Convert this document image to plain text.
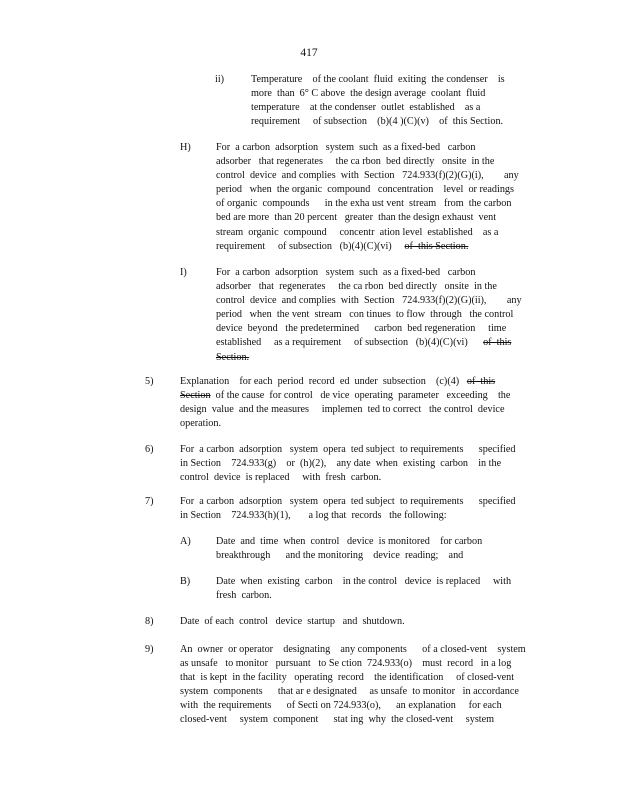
417
ii)	Temperature    of the coolant  fluid  exiting  the condenser    is
more  than  6° C above  the design average  coolant  fluid
temperature    at the condenser  outlet  established    as a
requirement     of subsection    (b)(4 )(C)(v)    of  this Section.
H) For  a carbon  adsorption   system  such  as a fixed-bed   carbon
adsorber   that regenerates     the ca rbon  bed directly   onsite  in the
control  device  and complies  with  Section   724.933(f)(2)(G)(i),        any
period   when  the organic  compound   concentration    level  or readings
of organic  compounds      in the exha ust vent  stream   from  the carbon
bed are more  than 20 percent   greater  than the design exhaust  vent
stream  organic  compound     concentr  ation level  established    as a
requirement     of subsection   (b)(4)(C)(vi)     of  this Section.
I)	For  a carbon  adsorption   system  such  as a fixed-bed   carbon
adsorber   that  regenerates     the ca rbon  bed directly   onsite  in the
control  device  and complies  with  Section   724.933(f)(2)(G)(ii),        any
period   when  the vent  stream   con tinues  to flow  through   the control
device  beyond   the predetermined      carbon  bed regeneration     time
established     as a requirement     of subsection   (b)(4)(C)(vi)      of  this
Section.
5)	Explanation    for each  period  record  ed  under  subsection    (c)(4)   of  this
Section  of the cause  for control   de vice  operating  parameter   exceeding    the
design  value  and the measures     implemen  ted to correct   the control  device
operation.
6)	For  a carbon  adsorption   system  opera  ted subject  to requirements      specified
in Section    724.933(g)    or  (h)(2),    any date  when  existing  carbon    in the
control  device  is replaced     with  fresh  carbon.
7)	For  a carbon  adsorption   system  opera  ted subject  to requirements      specified
in Section    724.933(h)(1),       a log that  records   the following:
A) Date  and  time  when  control   device  is monitored    for carbon
breakthrough      and the monitoring    device  reading;    and
B)	Date  when  existing  carbon    in the control   device  is replaced     with
fresh  carbon.
8)	Date  of each  control   device  startup   and  shutdown.
9)	An  owner  or operator    designating    any components      of a closed-vent    system
as unsafe   to monitor   pursuant   to Se ction  724.933(o)    must  record   in a log
that  is kept  in the facility   operating  record    the identification     of closed-vent
system  components      that ar e designated     as unsafe  to monitor   in accordance
with  the requirements      of Secti on 724.933(o),      an explanation     for each
closed-vent     system  component      stat ing  why  the closed-vent     system
